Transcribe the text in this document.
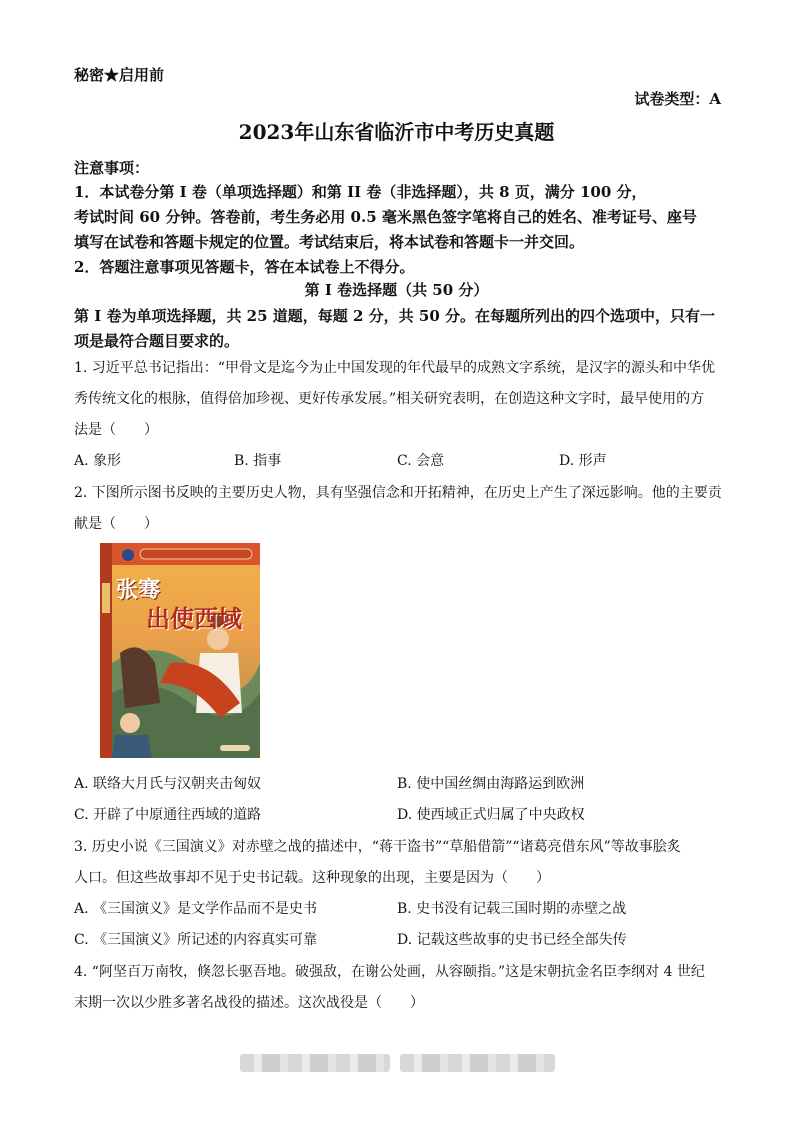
秘密★启用前
试卷类型：A
2023年山东省临沂市中考历史真题
注意事项：
1．本试卷分第 I 卷（单项选择题）和第 II 卷（非选择题），共 8 页，满分 100 分，
考试时间 60 分钟。答卷前，考生务必用 0.5 毫米黑色签字笔将自己的姓名、准考证号、座号
填写在试卷和答题卡规定的位置。考试结束后，将本试卷和答题卡一并交回。
2．答题注意事项见答题卡，答在本试卷上不得分。
第 I 卷选择题（共 50 分）
第 I 卷为单项选择题，共 25 道题，每题 2 分，共 50 分。在每题所列出的四个选项中，只有一
项是最符合题目要求的。
1. 习近平总书记指出：“甲骨文是迄今为止中国发现的年代最早的成熟文字系统，是汉字的源头和中华优
秀传统文化的根脉，值得倍加珍视、更好传承发展。”相关研究表明，在创造这种文字时，最早使用的方
法是（　　）
A. 象形	B. 指事	C. 会意	D. 形声
2. 下图所示图书反映的主要历史人物，具有坚强信念和开拓精神，在历史上产生了深远影响。他的主要贡
献是（　　）
张骞
出使西域
A. 联络大月氏与汉朝夹击匈奴	B. 使中国丝绸由海路运到欧洲
C. 开辟了中原通往西域的道路	D. 使西域正式归属了中央政权
3. 历史小说《三国演义》对赤壁之战的描述中，“蒋干盗书”“草船借箭”“诸葛亮借东风”等故事脍炙
人口。但这些故事却不见于史书记载。这种现象的出现，主要是因为（　　）
A. 《三国演义》是文学作品而不是史书	B. 史书没有记载三国时期的赤壁之战
C. 《三国演义》所记述的内容真实可靠	D. 记载这些故事的史书已经全部失传
4. “阿坚百万南牧，倏忽长驱吾地。破强敌，在谢公处画，从容颐指。”这是宋朝抗金名臣李纲对 4 世纪
末期一次以少胜多著名战役的描述。这次战役是（　　）
